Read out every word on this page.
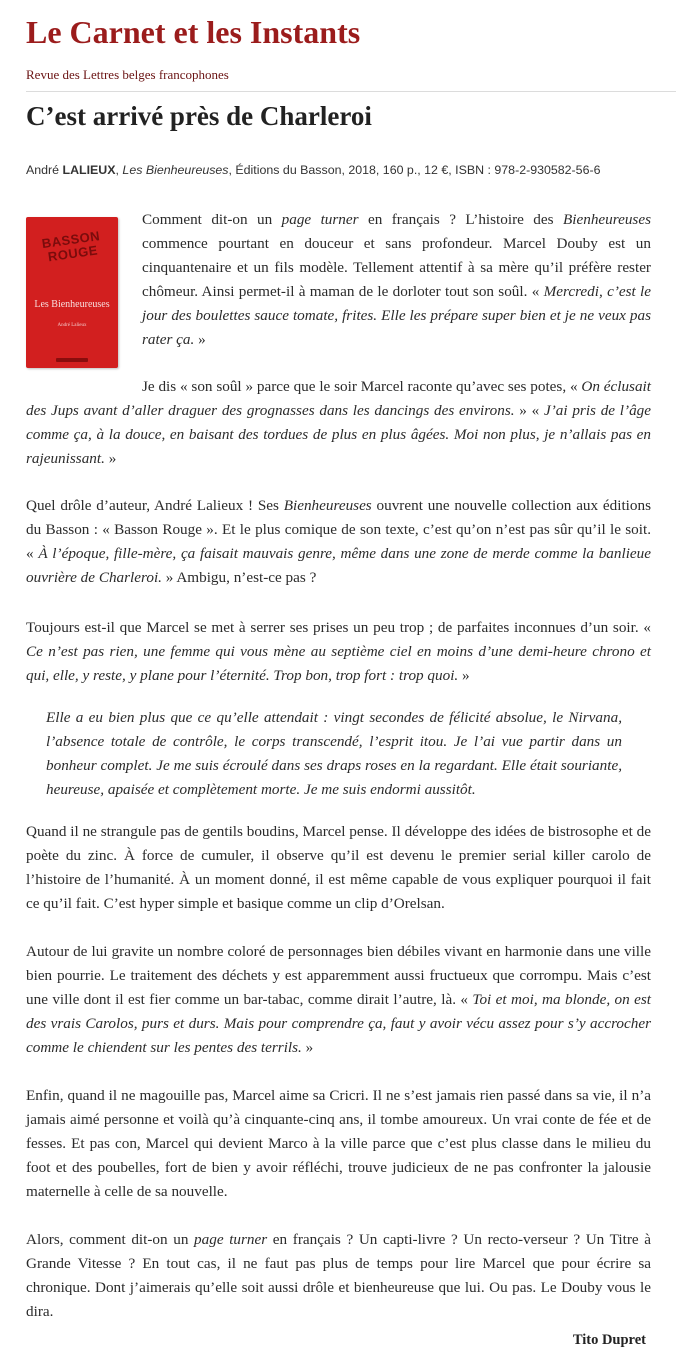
Le Carnet et les Instants
Revue des Lettres belges francophones
C’est arrivé près de Charleroi
André LALIEUX, Les Bienheureuses, Éditions du Basson, 2018, 160 p., 12 €, ISBN : 978-2-930582-56-6
BASSON ROUGE
Les Bienheureuses
André Lalieux

Comment dit-on un page turner en français ? L’histoire des Bienheureuses commence pourtant en douceur et sans profondeur. Marcel Douby est un cinquantenaire et un fils modèle. Tellement attentif à sa mère qu’il préfère rester chômeur. Ainsi permet-il à maman de le dorloter tout son soûl. « Mercredi, c’est le jour des boulettes sauce tomate, frites. Elle les prépare super bien et je ne veux pas rater ça. »

Je dis « son soûl » parce que le soir Marcel raconte qu’avec ses potes, « On éclusait des Jups avant d’aller draguer des grognasses dans les dancings des environs. » « J’ai pris de l’âge comme ça, à la douce, en baisant des tordues de plus en plus âgées. Moi non plus, je n’allais pas en rajeunissant. »

Quel drôle d’auteur, André Lalieux ! Ses Bienheureuses ouvrent une nouvelle collection aux éditions du Basson : « Basson Rouge ». Et le plus comique de son texte, c’est qu’on n’est pas sûr qu’il le soit. « À l’époque, fille-mère, ça faisait mauvais genre, même dans une zone de merde comme la banlieue ouvrière de Charleroi. » Ambigu, n’est-ce pas ?

Toujours est-il que Marcel se met à serrer ses prises un peu trop ; de parfaites inconnues d’un soir. « Ce n’est pas rien, une femme qui vous mène au septième ciel en moins d’une demi-heure chrono et qui, elle, y reste, y plane pour l’éternité. Trop bon, trop fort : trop quoi. »

Elle a eu bien plus que ce qu’elle attendait : vingt secondes de félicité absolue, le Nirvana, l’absence totale de contrôle, le corps transcendé, l’esprit itou. Je l’ai vue partir dans un bonheur complet. Je me suis écroulé dans ses draps roses en la regardant. Elle était souriante, heureuse, apaisée et complètement morte. Je me suis endormi aussitôt.

Quand il ne strangule pas de gentils boudins, Marcel pense. Il développe des idées de bistrosophe et de poète du zinc. À force de cumuler, il observe qu’il est devenu le premier serial killer carolo de l’histoire de l’humanité. À un moment donné, il est même capable de vous expliquer pourquoi il fait ce qu’il fait. C’est hyper simple et basique comme un clip d’Orelsan.

Autour de lui gravite un nombre coloré de personnages bien débiles vivant en harmonie dans une ville bien pourrie. Le traitement des déchets y est apparemment aussi fructueux que corrompu. Mais c’est une ville dont il est fier comme un bar-tabac, comme dirait l’autre, là. « Toi et moi, ma blonde, on est des vrais Carolos, purs et durs. Mais pour comprendre ça, faut y avoir vécu assez pour s’y accrocher comme le chiendent sur les pentes des terrils. »

Enfin, quand il ne magouille pas, Marcel aime sa Cricri. Il ne s’est jamais rien passé dans sa vie, il n’a jamais aimé personne et voilà qu’à cinquante-cinq ans, il tombe amoureux. Un vrai conte de fée et de fesses. Et pas con, Marcel qui devient Marco à la ville parce que c’est plus classe dans le milieu du foot et des poubelles, fort de bien y avoir réfléchi, trouve judicieux de ne pas confronter la jalousie maternelle à celle de sa nouvelle.

Alors, comment dit-on un page turner en français ? Un capti-livre ? Un recto-verseur ? Un Titre à Grande Vitesse ? En tout cas, il ne faut pas plus de temps pour lire Marcel que pour écrire sa chronique. Dont j’aimerais qu’elle soit aussi drôle et bienheureuse que lui. Ou pas. Le Douby vous le dira.

Tito Dupret
